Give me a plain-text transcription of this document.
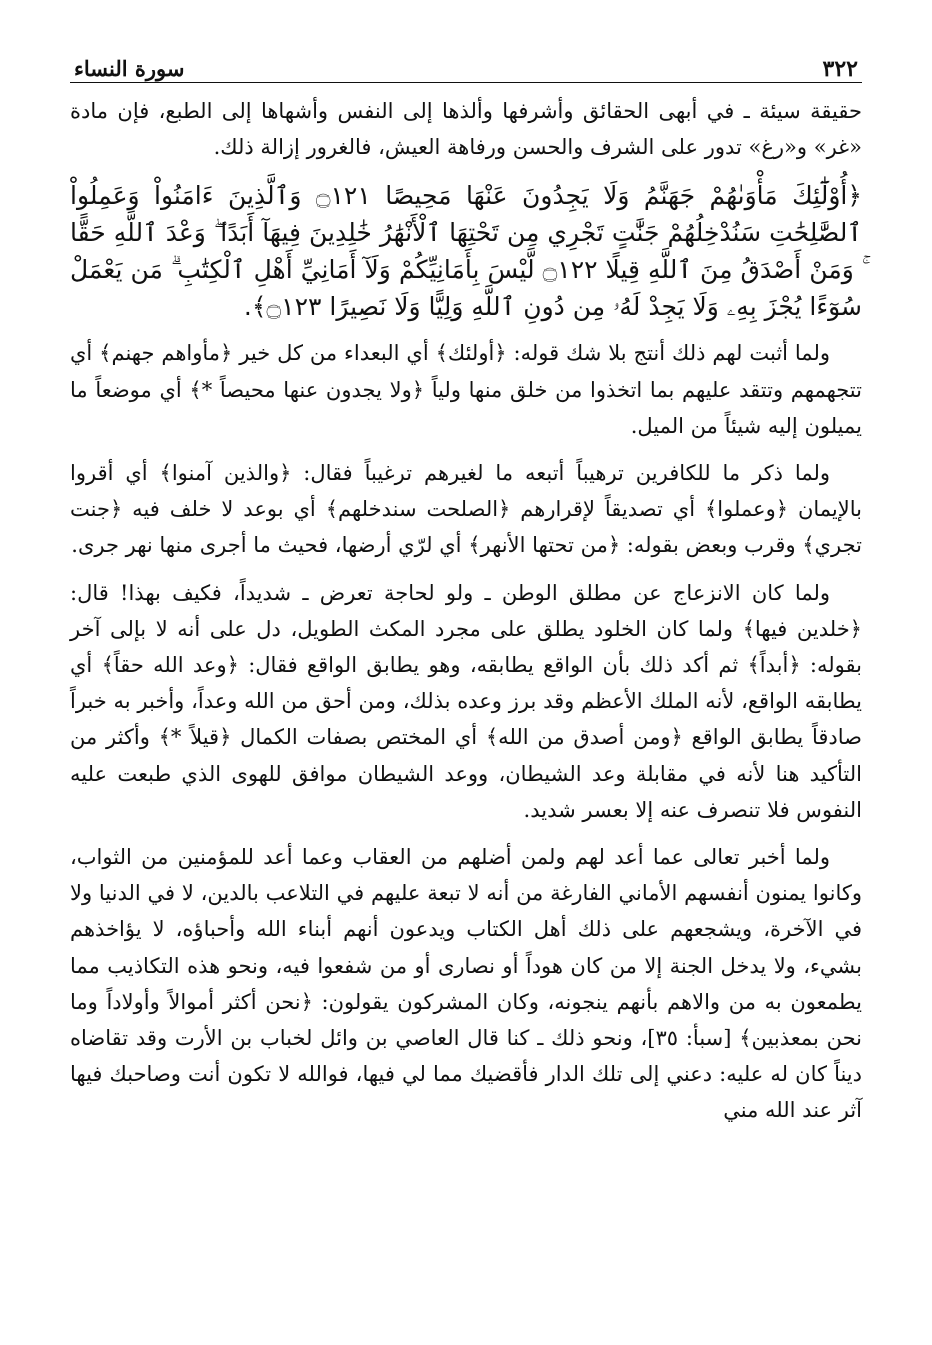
٣٢٢
سورة النساء

حقيقة سيئة ـ في أبهى الحقائق وأشرفها وألذها إلى النفس وأشهاها إلى الطبع، فإن مادة «غر» و«رغ» تدور على الشرف والحسن ورفاهة العيش، فالغرور إزالة ذلك.

﴿أُوْلَٰٓئِكَ مَأْوَىٰهُمْ جَهَنَّمُ وَلَا يَجِدُونَ عَنْهَا مَحِيصًا ۝١٢١ وَٱلَّذِينَ ءَامَنُواْ وَعَمِلُواْ ٱلصَّٰلِحَٰتِ سَنُدْخِلُهُمْ جَنَّٰتٍ تَجْرِي مِن تَحْتِهَا ٱلْأَنْهَٰرُ خَٰلِدِينَ فِيهَآ أَبَدًا ۖ وَعْدَ ٱللَّهِ حَقًّا ۚ وَمَنْ أَصْدَقُ مِنَ ٱللَّهِ قِيلًا ۝١٢٢ لَّيْسَ بِأَمَانِيِّكُمْ وَلَآ أَمَانِيِّ أَهْلِ ٱلْكِتَٰبِ ۗ مَن يَعْمَلْ سُوٓءًا يُجْزَ بِهِۦ وَلَا يَجِدْ لَهُۥ مِن دُونِ ٱللَّهِ وَلِيًّا وَلَا نَصِيرًا ۝١٢٣﴾.

ولما أثبت لهم ذلك أنتج بلا شك قوله: ﴿أولئك﴾ أي البعداء من كل خير ﴿مأواهم جهنم﴾ أي تتجهمهم وتتقد عليهم بما اتخذوا من خلق منها ولياً ﴿ولا يجدون عنها محيصاً *﴾ أي موضعاً ما يميلون إليه شيئاً من الميل.

ولما ذكر ما للكافرين ترهيباً أتبعه ما لغيرهم ترغيباً فقال: ﴿والذين آمنوا﴾ أي أقروا بالإيمان ﴿وعملوا﴾ أي تصديقاً لإقرارهم ﴿الصلحت سندخلهم﴾ أي بوعد لا خلف فيه ﴿جنت تجري﴾ وقرب وبعض بقوله: ﴿من تحتها الأنهر﴾ أي لرّي أرضها، فحيث ما أجرى منها نهر جرى.

ولما كان الانزعاج عن مطلق الوطن ـ ولو لحاجة تعرض ـ شديداً، فكيف بهذا! قال: ﴿خلدين فيها﴾ ولما كان الخلود يطلق على مجرد المكث الطويل، دل على أنه لا بإلى آخر بقوله: ﴿أبداً﴾ ثم أكد ذلك بأن الواقع يطابقه، وهو يطابق الواقع فقال: ﴿وعد الله حقاً﴾ أي يطابقه الواقع، لأنه الملك الأعظم وقد برز وعده بذلك، ومن أحق من الله وعداً، وأخبر به خبراً صادقاً يطابق الواقع ﴿ومن أصدق من الله﴾ أي المختص بصفات الكمال ﴿قيلاً *﴾ وأكثر من التأكيد هنا لأنه في مقابلة وعد الشيطان، ووعد الشيطان موافق للهوى الذي طبعت عليه النفوس فلا تنصرف عنه إلا بعسر شديد.

ولما أخبر تعالى عما أعد لهم ولمن أضلهم من العقاب وعما أعد للمؤمنين من الثواب، وكانوا يمنون أنفسهم الأماني الفارغة من أنه لا تبعة عليهم في التلاعب بالدين، لا في الدنيا ولا في الآخرة، ويشجعهم على ذلك أهل الكتاب ويدعون أنهم أبناء الله وأحباؤه، لا يؤاخذهم بشيء، ولا يدخل الجنة إلا من كان هوداً أو نصارى أو من شفعوا فيه، ونحو هذه التكاذيب مما يطمعون به من والاهم بأنهم ينجونه، وكان المشركون يقولون: ﴿نحن أكثر أموالاً وأولاداً وما نحن بمعذبين﴾ [سبأ: ٣٥]، ونحو ذلك ـ كنا قال العاصي بن وائل لخباب بن الأرت وقد تقاضاه ديناً كان له عليه: دعني إلى تلك الدار فأقضيك مما لي فيها، فوالله لا تكون أنت وصاحبك فيها آثر عند الله مني
